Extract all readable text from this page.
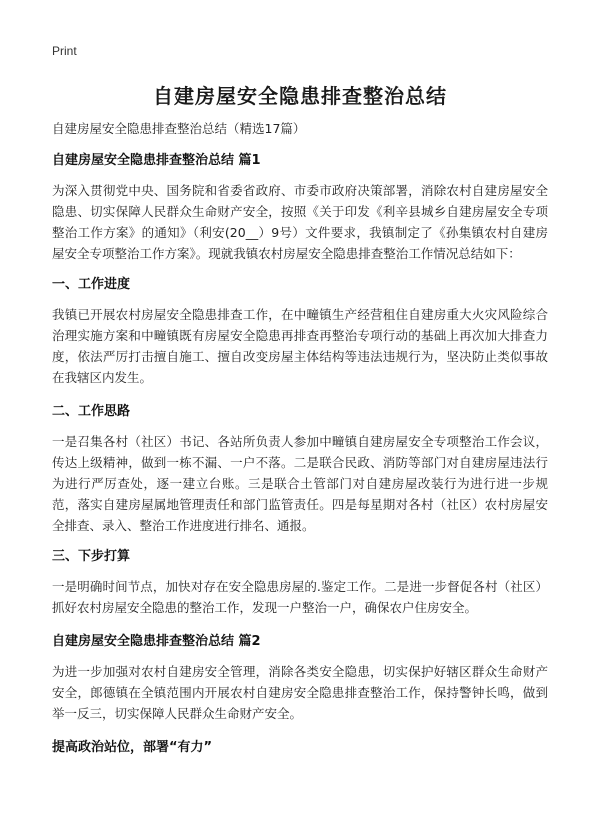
Print
自建房屋安全隐患排查整治总结
自建房屋安全隐患排查整治总结（精选17篇）
自建房屋安全隐患排查整治总结 篇1

为深入贯彻党中央、国务院和省委省政府、市委市政府决策部署，消除农村自建房屋安全隐患、切实保障人民群众生命财产安全，按照《关于印发《利辛县城乡自建房屋安全专项整治工作方案》的通知》（利安(20__）9号）文件要求，我镇制定了《孙集镇农村自建房屋安全专项整治工作方案》。现就我镇农村房屋安全隐患排查整治工作情况总结如下：

一、工作进度

我镇已开展农村房屋安全隐患排查工作，在中疃镇生产经营租住自建房重大火灾风险综合治理实施方案和中疃镇既有房屋安全隐患再排查再整治专项行动的基础上再次加大排查力度，依法严厉打击擅自施工、擅自改变房屋主体结构等违法违规行为，坚决防止类似事故在我辖区内发生。

二、工作思路

一是召集各村（社区）书记、各站所负责人参加中疃镇自建房屋安全专项整治工作会议，传达上级精神，做到一栋不漏、一户不落。二是联合民政、消防等部门对自建房屋违法行为进行严厉查处，逐一建立台账。三是联合土管部门对自建房屋改装行为进行进一步规范，落实自建房屋属地管理责任和部门监管责任。四是每星期对各村（社区）农村房屋安全排查、录入、整治工作进度进行排名、通报。

三、下步打算

一是明确时间节点，加快对存在安全隐患房屋的.鉴定工作。二是进一步督促各村（社区）抓好农村房屋安全隐患的整治工作，发现一户整治一户，确保农户住房安全。

自建房屋安全隐患排查整治总结 篇2

为进一步加强对农村自建房安全管理，消除各类安全隐患，切实保护好辖区群众生命财产安全，郎德镇在全镇范围内开展农村自建房安全隐患排查整治工作，保持警钟长鸣，做到举一反三，切实保障人民群众生命财产安全。

提高政治站位，部署“有力”
